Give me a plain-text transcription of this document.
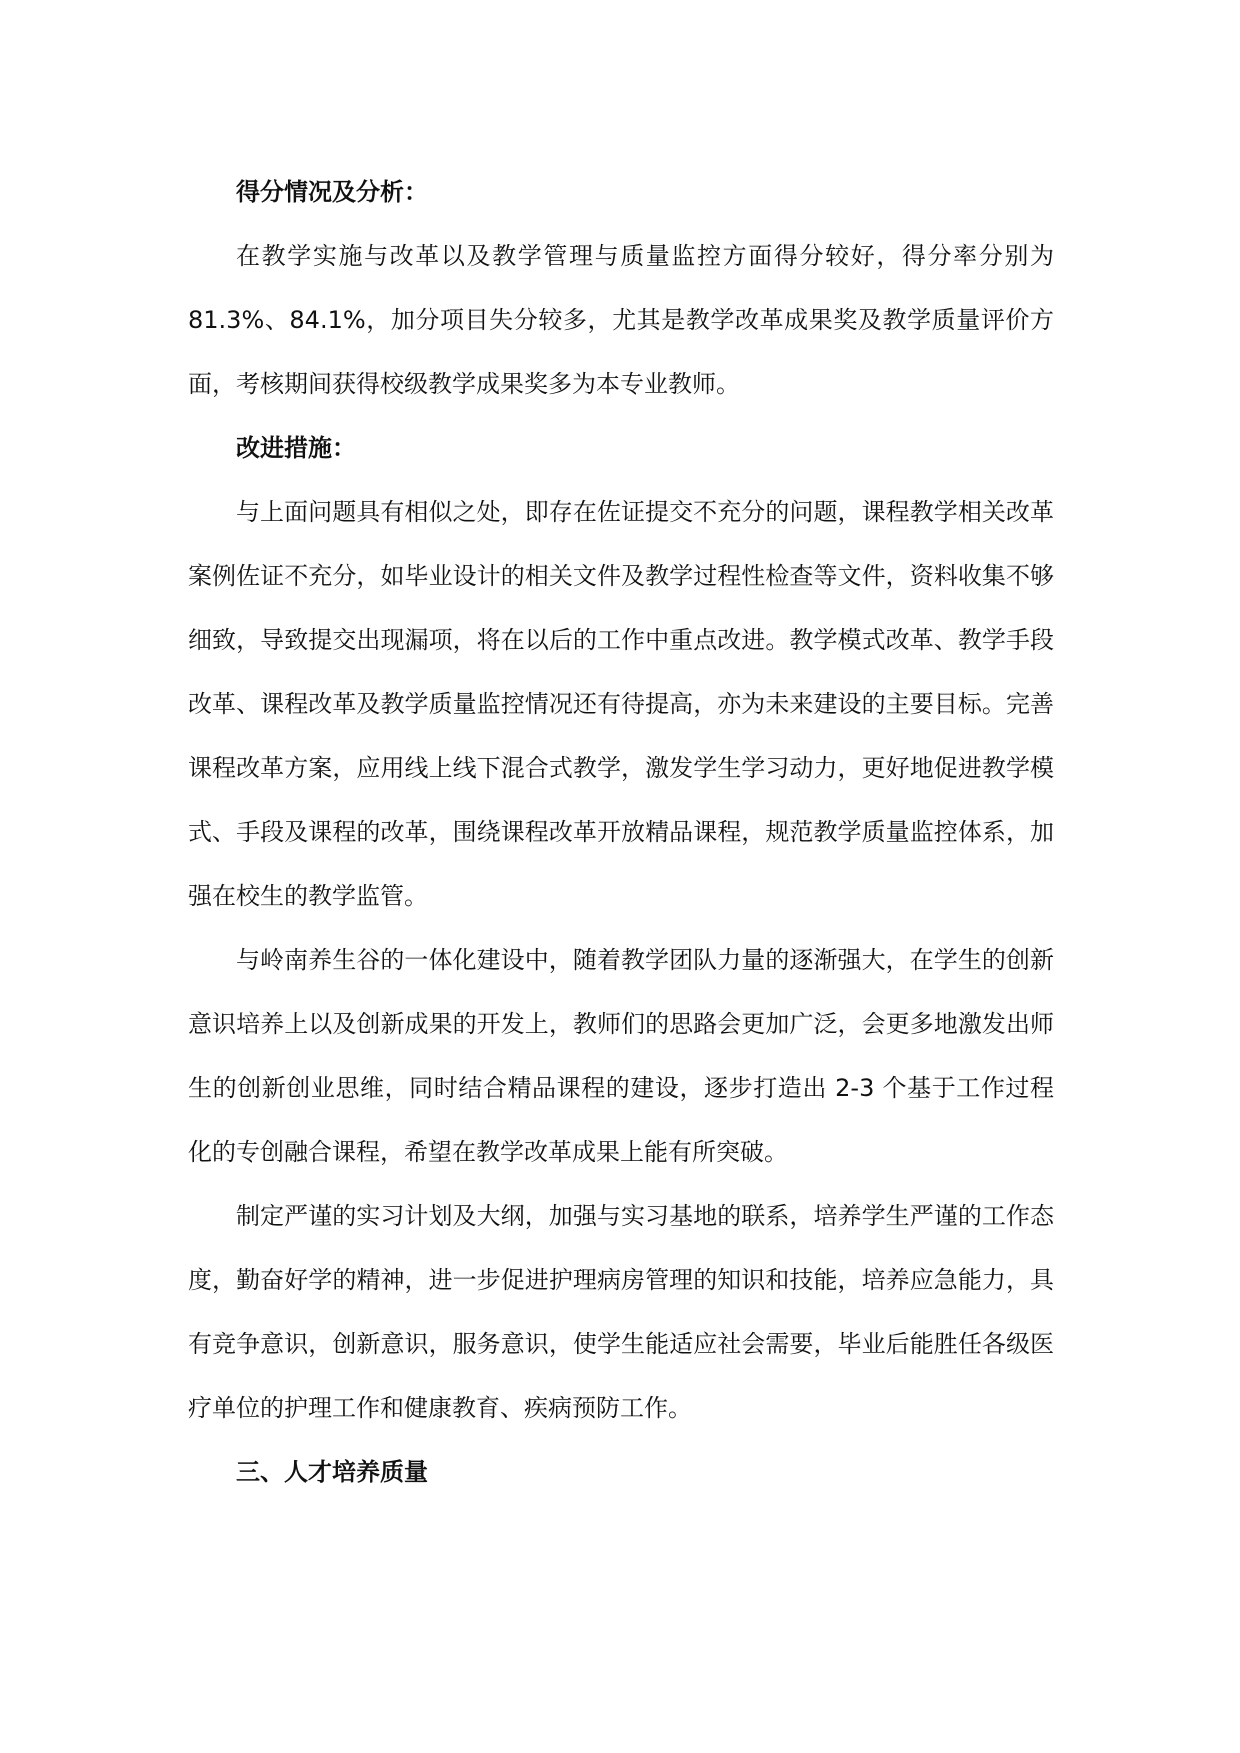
得分情况及分析：

在教学实施与改革以及教学管理与质量监控方面得分较好，得分率分别为 81.3%、84.1%，加分项目失分较多，尤其是教学改革成果奖及教学质量评价方面，考核期间获得校级教学成果奖多为本专业教师。

改进措施：

与上面问题具有相似之处，即存在佐证提交不充分的问题，课程教学相关改革案例佐证不充分，如毕业设计的相关文件及教学过程性检查等文件，资料收集不够细致，导致提交出现漏项，将在以后的工作中重点改进。教学模式改革、教学手段改革、课程改革及教学质量监控情况还有待提高，亦为未来建设的主要目标。完善课程改革方案，应用线上线下混合式教学，激发学生学习动力，更好地促进教学模式、手段及课程的改革，围绕课程改革开放精品课程，规范教学质量监控体系，加强在校生的教学监管。

与岭南养生谷的一体化建设中，随着教学团队力量的逐渐强大，在学生的创新意识培养上以及创新成果的开发上，教师们的思路会更加广泛，会更多地激发出师生的创新创业思维，同时结合精品课程的建设，逐步打造出 2-3 个基于工作过程化的专创融合课程，希望在教学改革成果上能有所突破。

制定严谨的实习计划及大纲，加强与实习基地的联系，培养学生严谨的工作态度，勤奋好学的精神，进一步促进护理病房管理的知识和技能，培养应急能力，具有竞争意识，创新意识，服务意识，使学生能适应社会需要，毕业后能胜任各级医疗单位的护理工作和健康教育、疾病预防工作。

三、人才培养质量
